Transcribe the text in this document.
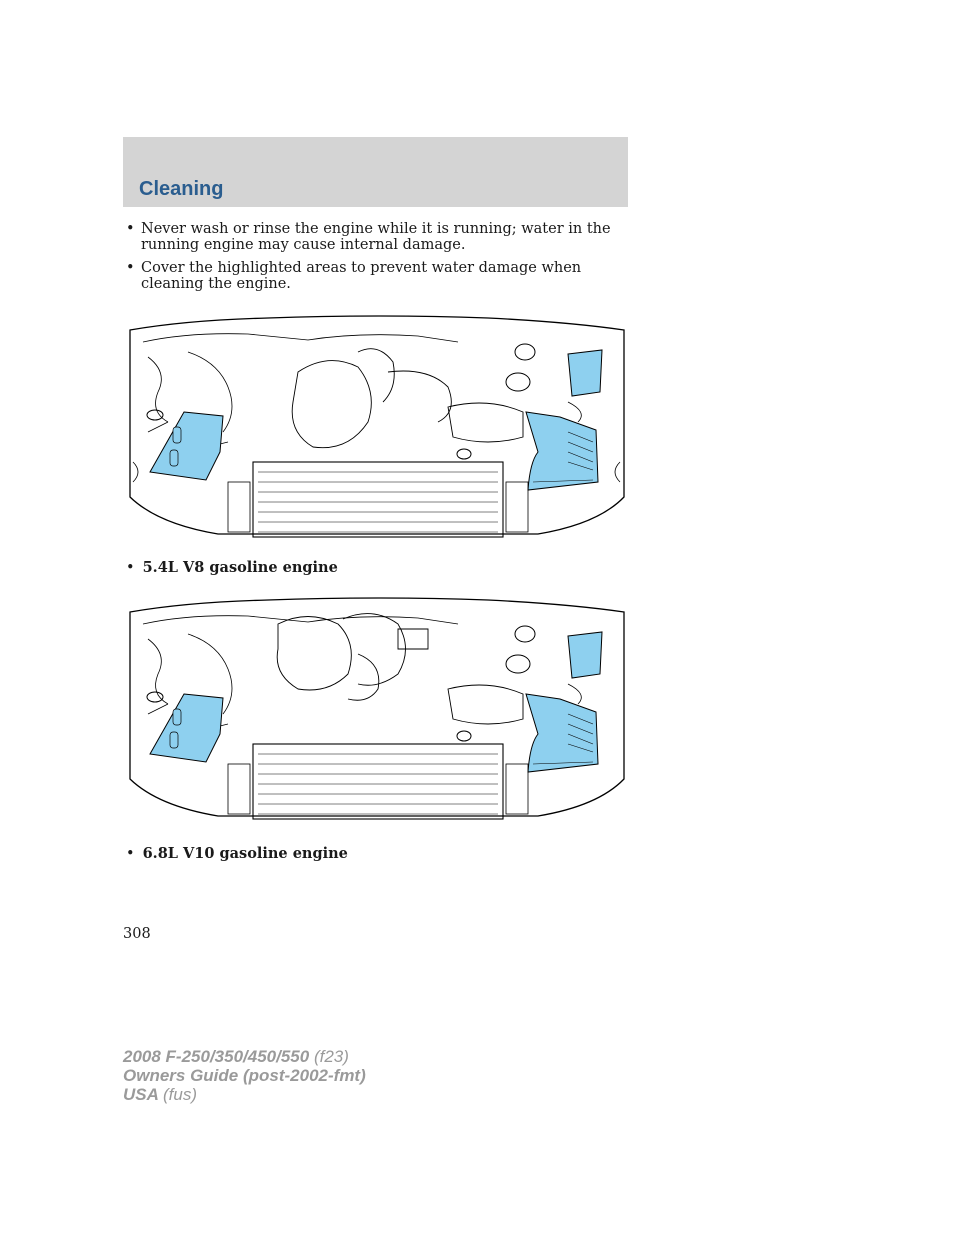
Cleaning
• Never wash or rinse the engine while it is running; water in the running engine may cause internal damage.
• Cover the highlighted areas to prevent water damage when cleaning the engine.
• 5.4L V8 gasoline engine
• 6.8L V10 gasoline engine
308
2008 F-250/350/450/550 (f23)
Owners Guide (post-2002-fmt)
USA (fus)
